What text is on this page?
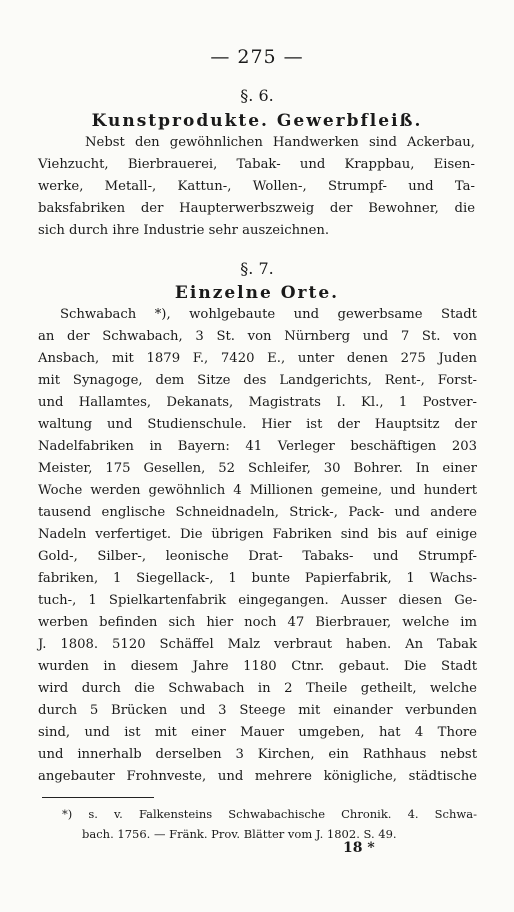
— 275 —
§. 6.
Kunstprodukte. Gewerbfleiß.
Nebst den gewöhnlichen Handwerken sind Ackerbau,
Viehzucht, Bierbrauerei, Tabak- und Krappbau, Eisen-
werke, Metall-, Kattun-, Wollen-, Strumpf- und Ta-
baksfabriken der Haupterwerbszweig der Bewohner, die
sich durch ihre Industrie sehr auszeichnen.
§. 7.
Einzelne Orte.
Schwabach *), wohlgebaute und gewerbsame Stadt
an der Schwabach, 3 St. von Nürnberg und 7 St. von
Ansbach, mit 1879 F., 7420 E., unter denen 275 Juden
mit Synagoge, dem Sitze des Landgerichts, Rent-, Forst-
und Hallamtes, Dekanats, Magistrats I. Kl., 1 Postver-
waltung und Studienschule. Hier ist der Hauptsitz der
Nadelfabriken in Bayern: 41 Verleger beschäftigen 203
Meister, 175 Gesellen, 52 Schleifer, 30 Bohrer. In einer
Woche werden gewöhnlich 4 Millionen gemeine, und hundert
tausend englische Schneidnadeln, Strick-, Pack- und andere
Nadeln verfertiget. Die übrigen Fabriken sind bis auf einige
Gold-, Silber-, leonische Drat- Tabaks- und Strumpf-
fabriken, 1 Siegellack-, 1 bunte Papierfabrik, 1 Wachs-
tuch-, 1 Spielkartenfabrik eingegangen. Ausser diesen Ge-
werben befinden sich hier noch 47 Bierbrauer, welche im
J. 1808. 5120 Schäffel Malz verbraut haben. An Tabak
wurden in diesem Jahre 1180 Ctnr. gebaut. Die Stadt
wird durch die Schwabach in 2 Theile getheilt, welche
durch 5 Brücken und 3 Steege mit einander verbunden
sind, und ist mit einer Mauer umgeben, hat 4 Thore
und innerhalb derselben 3 Kirchen, ein Rathhaus nebst
angebauter Frohnveste, und mehrere königliche, städtische
*) s. v. Falkensteins Schwabachische Chronik. 4. Schwa-
bach. 1756. — Fränk. Prov. Blätter vom J. 1802. S. 49.
18 *
